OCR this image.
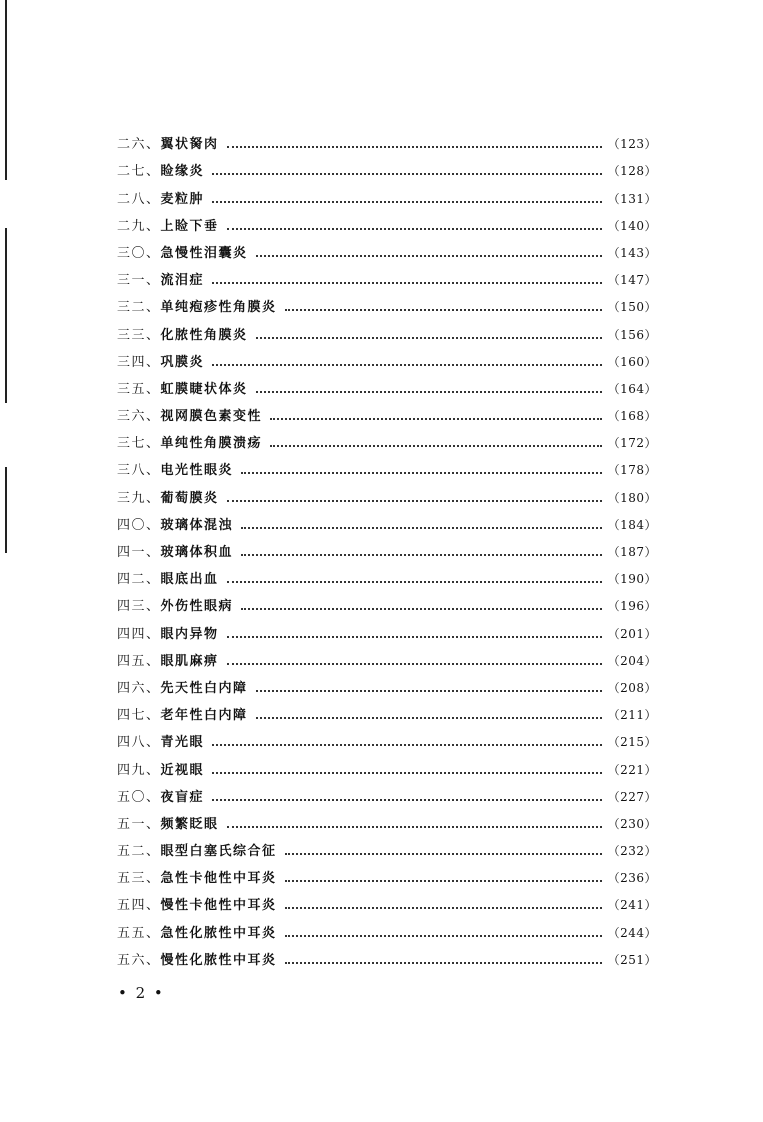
二六、 翼状胬肉	（123）
二七、 睑缘炎	（128）
二八、 麦粒肿	（131）
二九、 上睑下垂	（140）
三〇、 急慢性泪囊炎	（143）
三一、 流泪症	（147）
三二、 单纯疱疹性角膜炎	（150）
三三、 化脓性角膜炎	（156）
三四、 巩膜炎	（160）
三五、 虹膜睫状体炎	（164）
三六、 视网膜色素变性	（168）
三七、 单纯性角膜溃疡	（172）
三八、 电光性眼炎	（178）
三九、 葡萄膜炎	（180）
四〇、 玻璃体混浊	（184）
四一、 玻璃体积血	（187）
四二、 眼底出血	（190）
四三、 外伤性眼病	（196）
四四、 眼内异物	（201）
四五、 眼肌麻痹	（204）
四六、 先天性白内障	（208）
四七、 老年性白内障	（211）
四八、 青光眼	（215）
四九、 近视眼	（221）
五〇、 夜盲症	（227）
五一、 频繁眨眼	（230）
五二、 眼型白塞氏综合征	（232）
五三、 急性卡他性中耳炎	（236）
五四、 慢性卡他性中耳炎	（241）
五五、 急性化脓性中耳炎	（244）
五六、 慢性化脓性中耳炎	（251）
• 2 •
